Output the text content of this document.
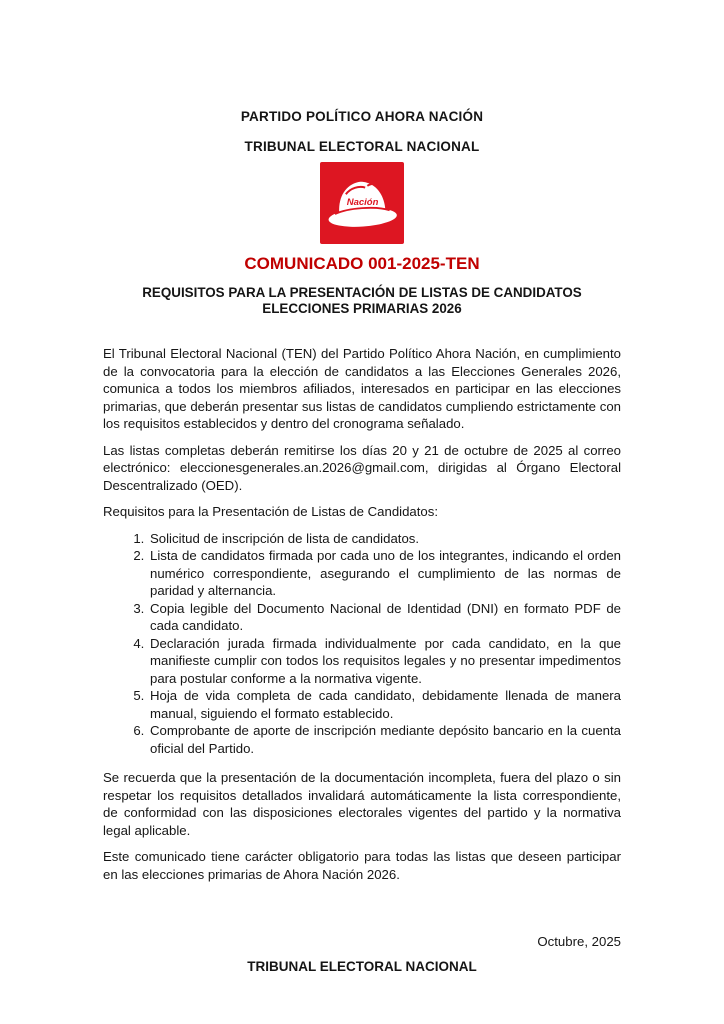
PARTIDO POLÍTICO AHORA NACIÓN
TRIBUNAL ELECTORAL NACIONAL
Nación
COMUNICADO 001-2025-TEN
REQUISITOS PARA LA PRESENTACIÓN DE LISTAS DE CANDIDATOS
ELECCIONES PRIMARIAS 2026

El Tribunal Electoral Nacional (TEN) del Partido Político Ahora Nación, en cumplimiento de la convocatoria para la elección de candidatos a las Elecciones Generales 2026, comunica a todos los miembros afiliados, interesados en participar en las elecciones primarias, que deberán presentar sus listas de candidatos cumpliendo estrictamente con los requisitos establecidos y dentro del cronograma señalado.

Las listas completas deberán remitirse los días 20 y 21 de octubre de 2025 al correo electrónico: eleccionesgenerales.an.2026@gmail.com, dirigidas al Órgano Electoral Descentralizado (OED).

Requisitos para la Presentación de Listas de Candidatos:

1. Solicitud de inscripción de lista de candidatos.
2. Lista de candidatos firmada por cada uno de los integrantes, indicando el orden numérico correspondiente, asegurando el cumplimiento de las normas de paridad y alternancia.
3. Copia legible del Documento Nacional de Identidad (DNI) en formato PDF de cada candidato.
4. Declaración jurada firmada individualmente por cada candidato, en la que manifieste cumplir con todos los requisitos legales y no presentar impedimentos para postular conforme a la normativa vigente.
5. Hoja de vida completa de cada candidato, debidamente llenada de manera manual, siguiendo el formato establecido.
6. Comprobante de aporte de inscripción mediante depósito bancario en la cuenta oficial del Partido.

Se recuerda que la presentación de la documentación incompleta, fuera del plazo o sin respetar los requisitos detallados invalidará automáticamente la lista correspondiente, de conformidad con las disposiciones electorales vigentes del partido y la normativa legal aplicable.

Este comunicado tiene carácter obligatorio para todas las listas que deseen participar en las elecciones primarias de Ahora Nación 2026.

Octubre, 2025
TRIBUNAL ELECTORAL NACIONAL
